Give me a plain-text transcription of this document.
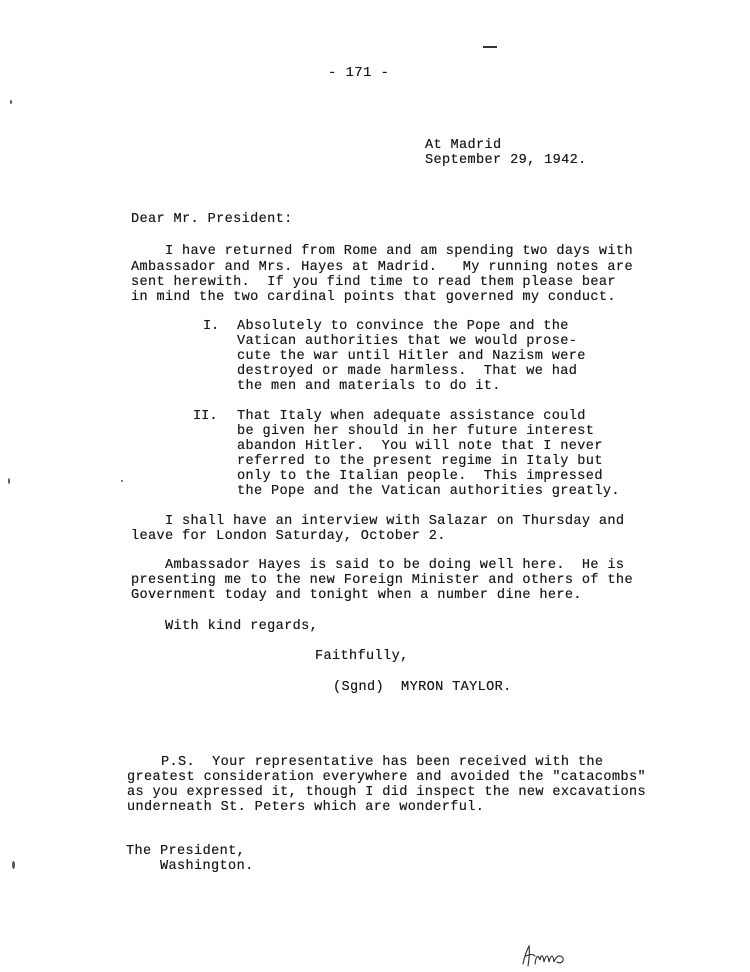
- 171 -
At Madrid
September 29, 1942.
Dear Mr. President:
I have returned from Rome and am spending two days with
Ambassador and Mrs. Hayes at Madrid.   My running notes are
sent herewith.  If you find time to read them please bear
in mind the two cardinal points that governed my conduct.
I. Absolutely to convince the Pope and the
Vatican authorities that we would prose-
cute the war until Hitler and Nazism were
destroyed or made harmless.  That we had
the men and materials to do it.
II. That Italy when adequate assistance could
be given her should in her future interest
abandon Hitler.  You will note that I never
referred to the present regime in Italy but
only to the Italian people.  This impressed
the Pope and the Vatican authorities greatly.
I shall have an interview with Salazar on Thursday and
leave for London Saturday, October 2.
Ambassador Hayes is said to be doing well here.  He is
presenting me to the new Foreign Minister and others of the
Government today and tonight when a number dine here.
With kind regards,
Faithfully,
(Sgnd)  MYRON TAYLOR.
P.S.  Your representative has been received with the
greatest consideration everywhere and avoided the "catacombs"
as you expressed it, though I did inspect the new excavations
underneath St. Peters which are wonderful.
The President,
Washington.
